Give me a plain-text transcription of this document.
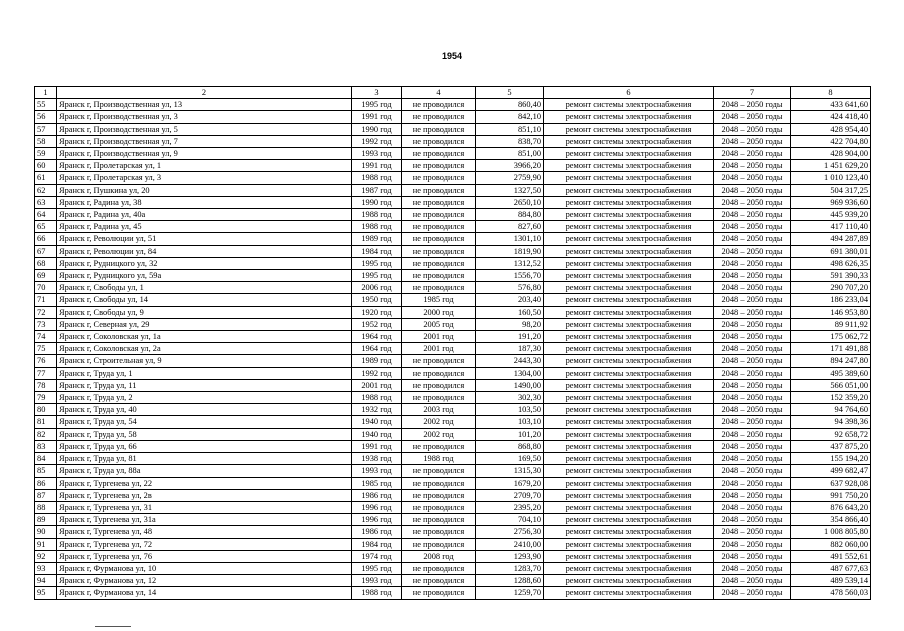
1954
1	2	3	4	5	6	7	8
55	Яранск г, Производственная ул, 13	1995 год	не проводился	860,40	ремонт системы электроснабжения	2048 – 2050 годы	433 641,60
56	Яранск г, Производственная ул, 3	1991 год	не проводился	842,10	ремонт системы электроснабжения	2048 – 2050 годы	424 418,40
57	Яранск г, Производственная ул, 5	1990 год	не проводился	851,10	ремонт системы электроснабжения	2048 – 2050 годы	428 954,40
58	Яранск г, Производственная ул, 7	1992 год	не проводился	838,70	ремонт системы электроснабжения	2048 – 2050 годы	422 704,80
59	Яранск г, Производственная ул, 9	1993 год	не проводился	851,00	ремонт системы электроснабжения	2048 – 2050 годы	428 904,00
60	Яранск г, Пролетарская ул, 1	1991 год	не проводился	3966,20	ремонт системы электроснабжения	2048 – 2050 годы	1 451 629,20
61	Яранск г, Пролетарская ул, 3	1988 год	не проводился	2759,90	ремонт системы электроснабжения	2048 – 2050 годы	1 010 123,40
62	Яранск г, Пушкина ул, 20	1987 год	не проводился	1327,50	ремонт системы электроснабжения	2048 – 2050 годы	504 317,25
63	Яранск г, Радина ул, 38	1990 год	не проводился	2650,10	ремонт системы электроснабжения	2048 – 2050 годы	969 936,60
64	Яранск г, Радина ул, 40а	1988 год	не проводился	884,80	ремонт системы электроснабжения	2048 – 2050 годы	445 939,20
65	Яранск г, Радина ул, 45	1988 год	не проводился	827,60	ремонт системы электроснабжения	2048 – 2050 годы	417 110,40
66	Яранск г, Революции ул, 51	1989 год	не проводился	1301,10	ремонт системы электроснабжения	2048 – 2050 годы	494 287,89
67	Яранск г, Революции ул, 84	1984 год	не проводился	1819,90	ремонт системы электроснабжения	2048 – 2050 годы	691 380,01
68	Яранск г, Рудницкого ул, 32	1995 год	не проводился	1312,52	ремонт системы электроснабжения	2048 – 2050 годы	498 626,35
69	Яранск г, Рудницкого ул, 59а	1995 год	не проводился	1556,70	ремонт системы электроснабжения	2048 – 2050 годы	591 390,33
70	Яранск г, Свободы ул, 1	2006 год	не проводился	576,80	ремонт системы электроснабжения	2048 – 2050 годы	290 707,20
71	Яранск г, Свободы ул, 14	1950 год	1985 год	203,40	ремонт системы электроснабжения	2048 – 2050 годы	186 233,04
72	Яранск г, Свободы ул, 9	1920 год	2000 год	160,50	ремонт системы электроснабжения	2048 – 2050 годы	146 953,80
73	Яранск г, Северная ул, 29	1952 год	2005 год	98,20	ремонт системы электроснабжения	2048 – 2050 годы	89 911,92
74	Яранск г, Соколовская ул, 1а	1964 год	2001 год	191,20	ремонт системы электроснабжения	2048 – 2050 годы	175 062,72
75	Яранск г, Соколовская ул, 2а	1964 год	2001 год	187,30	ремонт системы электроснабжения	2048 – 2050 годы	171 491,88
76	Яранск г, Строительная ул, 9	1989 год	не проводился	2443,30	ремонт системы электроснабжения	2048 – 2050 годы	894 247,80
77	Яранск г, Труда ул, 1	1992 год	не проводился	1304,00	ремонт системы электроснабжения	2048 – 2050 годы	495 389,60
78	Яранск г, Труда ул, 11	2001 год	не проводился	1490,00	ремонт системы электроснабжения	2048 – 2050 годы	566 051,00
79	Яранск г, Труда ул, 2	1988 год	не проводился	302,30	ремонт системы электроснабжения	2048 – 2050 годы	152 359,20
80	Яранск г, Труда ул, 40	1932 год	2003 год	103,50	ремонт системы электроснабжения	2048 – 2050 годы	94 764,60
81	Яранск г, Труда ул, 54	1940 год	2002 год	103,10	ремонт системы электроснабжения	2048 – 2050 годы	94 398,36
82	Яранск г, Труда ул, 58	1940 год	2002 год	101,20	ремонт системы электроснабжения	2048 – 2050 годы	92 658,72
83	Яранск г, Труда ул, 66	1991 год	не проводился	868,80	ремонт системы электроснабжения	2048 – 2050 годы	437 875,20
84	Яранск г, Труда ул, 81	1938 год	1988 год	169,50	ремонт системы электроснабжения	2048 – 2050 годы	155 194,20
85	Яранск г, Труда ул, 88а	1993 год	не проводился	1315,30	ремонт системы электроснабжения	2048 – 2050 годы	499 682,47
86	Яранск г, Тургенева ул, 22	1985 год	не проводился	1679,20	ремонт системы электроснабжения	2048 – 2050 годы	637 928,08
87	Яранск г, Тургенева ул, 2в	1986 год	не проводился	2709,70	ремонт системы электроснабжения	2048 – 2050 годы	991 750,20
88	Яранск г, Тургенева ул, 31	1996 год	не проводился	2395,20	ремонт системы электроснабжения	2048 – 2050 годы	876 643,20
89	Яранск г, Тургенева ул, 31а	1996 год	не проводился	704,10	ремонт системы электроснабжения	2048 – 2050 годы	354 866,40
90	Яранск г, Тургенева ул, 48	1986 год	не проводился	2756,30	ремонт системы электроснабжения	2048 – 2050 годы	1 008 805,80
91	Яранск г, Тургенева ул, 72	1984 год	не проводился	2410,00	ремонт системы электроснабжения	2048 – 2050 годы	882 060,00
92	Яранск г, Тургенева ул, 76	1974 год	2008 год	1293,90	ремонт системы электроснабжения	2048 – 2050 годы	491 552,61
93	Яранск г, Фурманова ул, 10	1995 год	не проводился	1283,70	ремонт системы электроснабжения	2048 – 2050 годы	487 677,63
94	Яранск г, Фурманова ул, 12	1993 год	не проводился	1288,60	ремонт системы электроснабжения	2048 – 2050 годы	489 539,14
95	Яранск г, Фурманова ул, 14	1988 год	не проводился	1259,70	ремонт системы электроснабжения	2048 – 2050 годы	478 560,03
